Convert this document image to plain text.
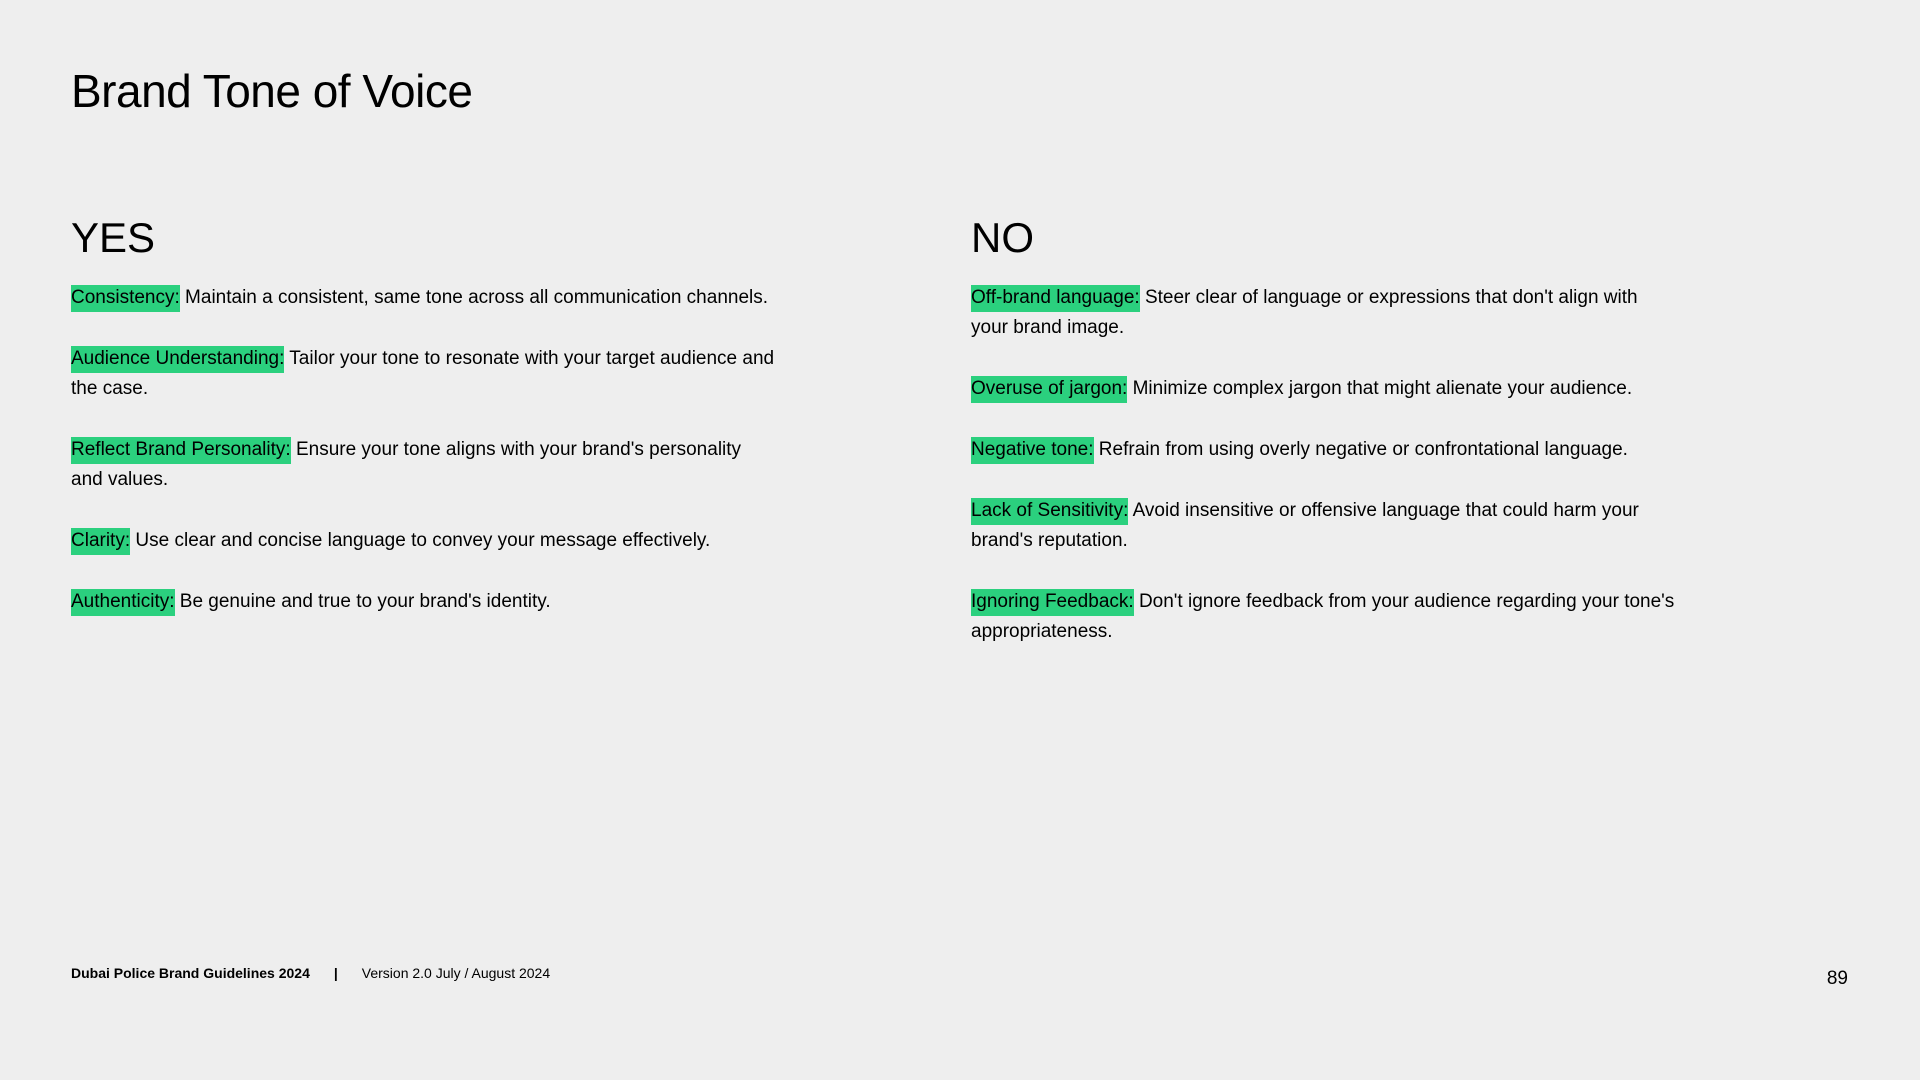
Brand Tone of Voice
YES
Consistency: Maintain a consistent, same tone across all communication channels.
Audience Understanding: Tailor your tone to resonate with your target audience and the case.
Reflect Brand Personality: Ensure your tone aligns with your brand's personality and values.
Clarity: Use clear and concise language to convey your message effectively.
Authenticity: Be genuine and true to your brand's identity.
NO
Off-brand language: Steer clear of language or expressions that don't align with your brand image.
Overuse of jargon: Minimize complex jargon that might alienate your audience.
Negative tone: Refrain from using overly negative or confrontational language.
Lack of Sensitivity: Avoid insensitive or offensive language that could harm your brand's reputation.
Ignoring Feedback: Don't ignore feedback from your audience regarding your tone's appropriateness.
Dubai Police Brand Guidelines 2024 | Version 2.0 July / August 2024	89
